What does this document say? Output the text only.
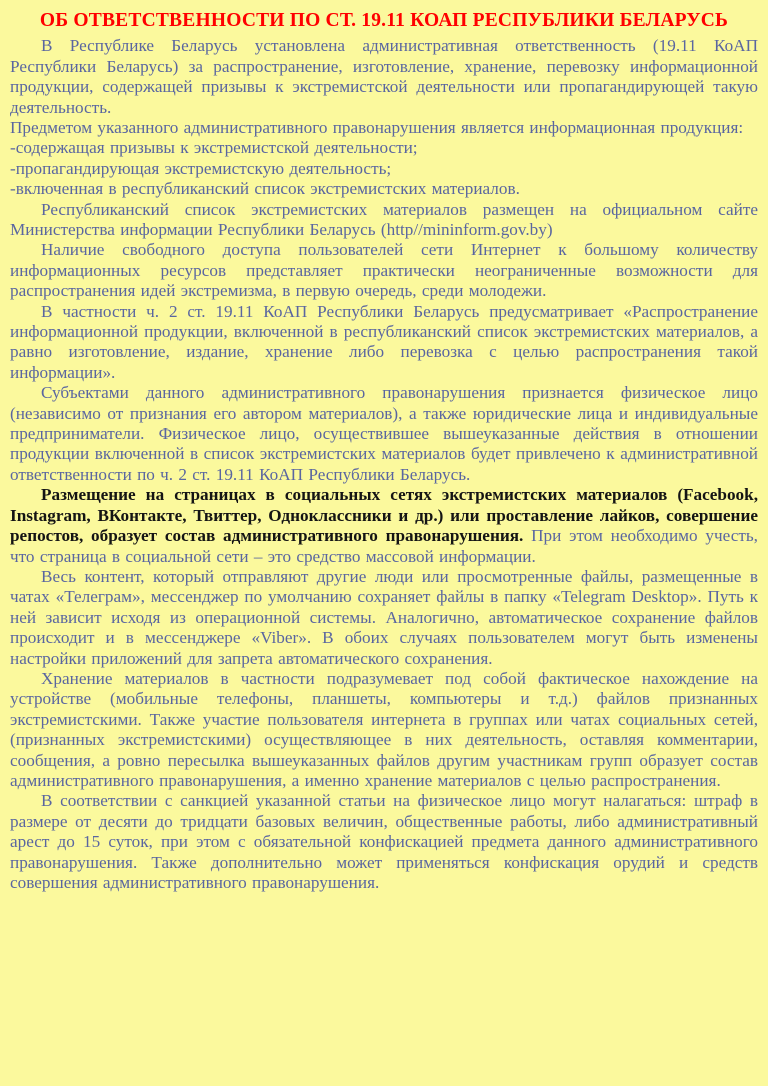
ОБ ОТВЕТСТВЕННОСТИ ПО СТ. 19.11 КОАП РЕСПУБЛИКИ БЕЛАРУСЬ

В Республике Беларусь установлена административная ответственность (19.11 КоАП Республики Беларусь) за распространение, изготовление, хранение, перевозку информационной продукции, содержащей призывы к экстремистской деятельности или пропагандирующей такую деятельность.

Предметом указанного административного правонарушения является информационная продукция:

-содержащая призывы к экстремистской деятельности;

-пропагандирующая экстремистскую деятельность;

-включенная в республиканский список экстремистских материалов.

Республиканский список экстремистских материалов размещен на официальном сайте Министерства информации Республики Беларусь (http//mininform.gov.by)

Наличие свободного доступа пользователей сети Интернет к большому количеству информационных ресурсов представляет практически неограниченные возможности для распространения идей экстремизма, в первую очередь, среди молодежи.

В частности ч. 2 ст. 19.11 КоАП Республики Беларусь предусматривает «Распространение информационной продукции, включенной в республиканский список экстремистских материалов, а равно изготовление, издание, хранение либо перевозка с целью распространения такой информации».

Субъектами данного административного правонарушения признается физическое лицо (независимо от признания его автором материалов), а также юридические лица и индивидуальные предприниматели. Физическое лицо, осуществившее вышеуказанные действия в отношении продукции включенной в список экстремистских материалов будет привлечено к административной ответственности по ч. 2 ст. 19.11 КоАП Республики Беларусь.

Размещение на страницах в социальных сетях экстремистских материалов (Facebook, Instagram, ВКонтакте, Твиттер, Одноклассники и др.) или проставление лайков, совершение репостов, образует состав административного правонарушения. При этом необходимо учесть, что страница в социальной сети – это средство массовой информации.

Весь контент, который отправляют другие люди или просмотренные файлы, размещенные в чатах «Телеграм», мессенджер по умолчанию сохраняет файлы в папку «Telegram Desktop». Путь к ней зависит исходя из операционной системы. Аналогично, автоматическое сохранение файлов происходит и в мессенджере «Viber». В обоих случаях пользователем могут быть изменены настройки приложений для запрета автоматического сохранения.

Хранение материалов в частности подразумевает под собой фактическое нахождение на устройстве (мобильные телефоны, планшеты, компьютеры и т.д.) файлов признанных экстремистскими. Также участие пользователя интернета в группах или чатах социальных сетей, (признанных экстремистскими) осуществляющее в них деятельность, оставляя комментарии, сообщения, а ровно пересылка вышеуказанных файлов другим участникам групп образует состав административного правонарушения, а именно хранение материалов с целью распространения.

В соответствии с санкцией указанной статьи на физическое лицо могут налагаться: штраф в размере от десяти до тридцати базовых величин, общественные работы, либо административный арест до 15 суток, при этом с обязательной конфискацией предмета данного административного правонарушения. Также дополнительно может применяться конфискация орудий и средств совершения административного правонарушения.
